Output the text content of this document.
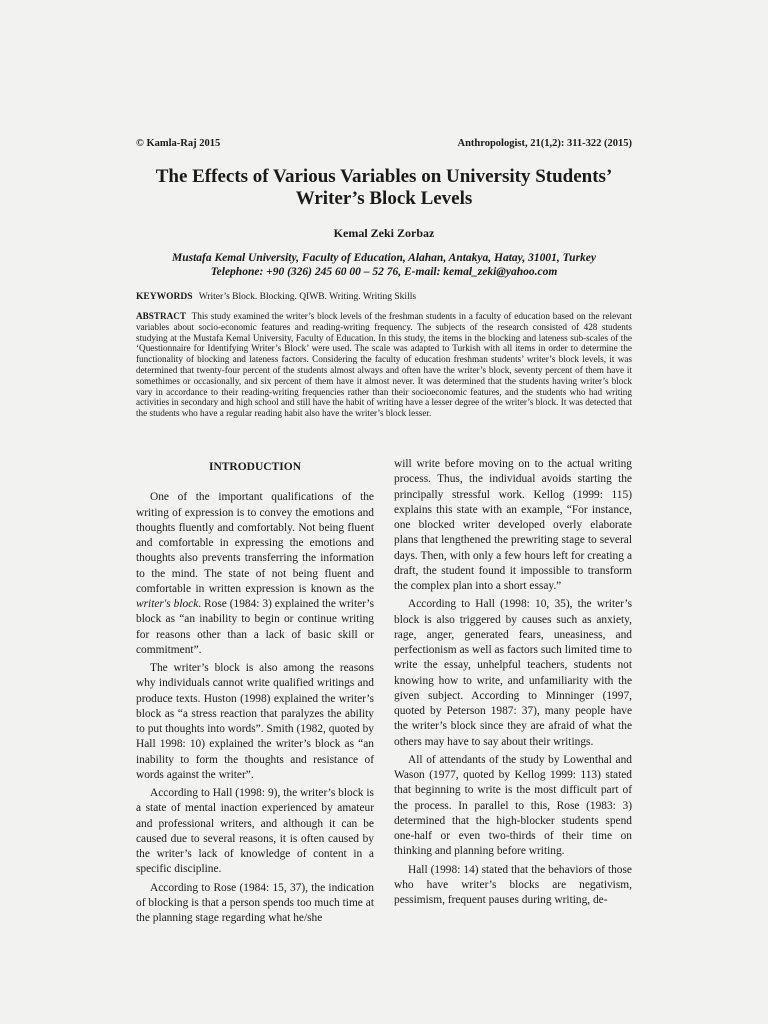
© Kamla-Raj 2015	Anthropologist, 21(1,2): 311-322 (2015)
The Effects of Various Variables on University Students’
Writer’s Block Levels
Kemal Zeki Zorbaz
Mustafa Kemal University, Faculty of Education, Alahan, Antakya, Hatay, 31001, Turkey
Telephone: +90 (326) 245 60 00 – 52 76, E-mail: kemal_zeki@yahoo.com
KEYWORDS Writer’s Block. Blocking. QIWB. Writing. Writing Skills
ABSTRACT This study examined the writer’s block levels of the freshman students in a faculty of education based on the relevant variables about socio-economic features and reading-writing frequency. The subjects of the research consisted of 428 students studying at the Mustafa Kemal University, Faculty of Education. In this study, the items in the blocking and lateness sub-scales of the ‘Questionnaire for Identifying Writer’s Block’ were used. The scale was adapted to Turkish with all items in order to determine the functionality of blocking and lateness factors. Considering the faculty of education freshman students’ writer’s block levels, it was determined that twenty-four percent of the students almost always and often have the writer’s block, seventy percent of them have it somethimes or occasionally, and six percent of them have it almost never. It was determined that the students having writer’s block vary in accordance to their reading-writing frequencies rather than their socioeconomic features, and the students who had writing activities in secondary and high school and still have the habit of writing have a lesser degree of the writer’s block. It was detected that the students who have a regular reading habit also have the writer’s block lesser.
INTRODUCTION

One of the important qualifications of the writing of expression is to convey the emotions and thoughts fluently and comfortably. Not being fluent and comfortable in expressing the emotions and thoughts also prevents transferring the information to the mind. The state of not being fluent and comfortable in written expression is known as the writer's block. Rose (1984: 3) explained the writer’s block as “an inability to begin or continue writing for reasons other than a lack of basic skill or commitment”.

The writer’s block is also among the reasons why individuals cannot write qualified writings and produce texts. Huston (1998) explained the writer’s block as “a stress reaction that paralyzes the ability to put thoughts into words”. Smith (1982, quoted by Hall 1998: 10) explained the writer’s block as “an inability to form the thoughts and resistance of words against the writer”.

According to Hall (1998: 9), the writer’s block is a state of mental inaction experienced by amateur and professional writers, and although it can be caused due to several reasons, it is often caused by the writer’s lack of knowledge of content in a specific discipline.

According to Rose (1984: 15, 37), the indication of blocking is that a person spends too much time at the planning stage regarding what he/she

will write before moving on to the actual writing process. Thus, the individual avoids starting the principally stressful work. Kellog (1999: 115) explains this state with an example, “For instance, one blocked writer developed overly elaborate plans that lengthened the prewriting stage to several days. Then, with only a few hours left for creating a draft, the student found it impossible to transform the complex plan into a short essay.”

According to Hall (1998: 10, 35), the writer’s block is also triggered by causes such as anxiety, rage, anger, generated fears, uneasiness, and perfectionism as well as factors such limited time to write the essay, unhelpful teachers, students not knowing how to write, and unfamiliarity with the given subject. According to Minninger (1997, quoted by Peterson 1987: 37), many people have the writer’s block since they are afraid of what the others may have to say about their writings.

All of attendants of the study by Lowenthal and Wason (1977, quoted by Kellog 1999: 113) stated that beginning to write is the most difficult part of the process. In parallel to this, Rose (1983: 3) determined that the high-blocker students spend one-half or even two-thirds of their time on thinking and planning before writing.

Hall (1998: 14) stated that the behaviors of those who have writer’s blocks are negativism, pessimism, frequent pauses during writing, de-
